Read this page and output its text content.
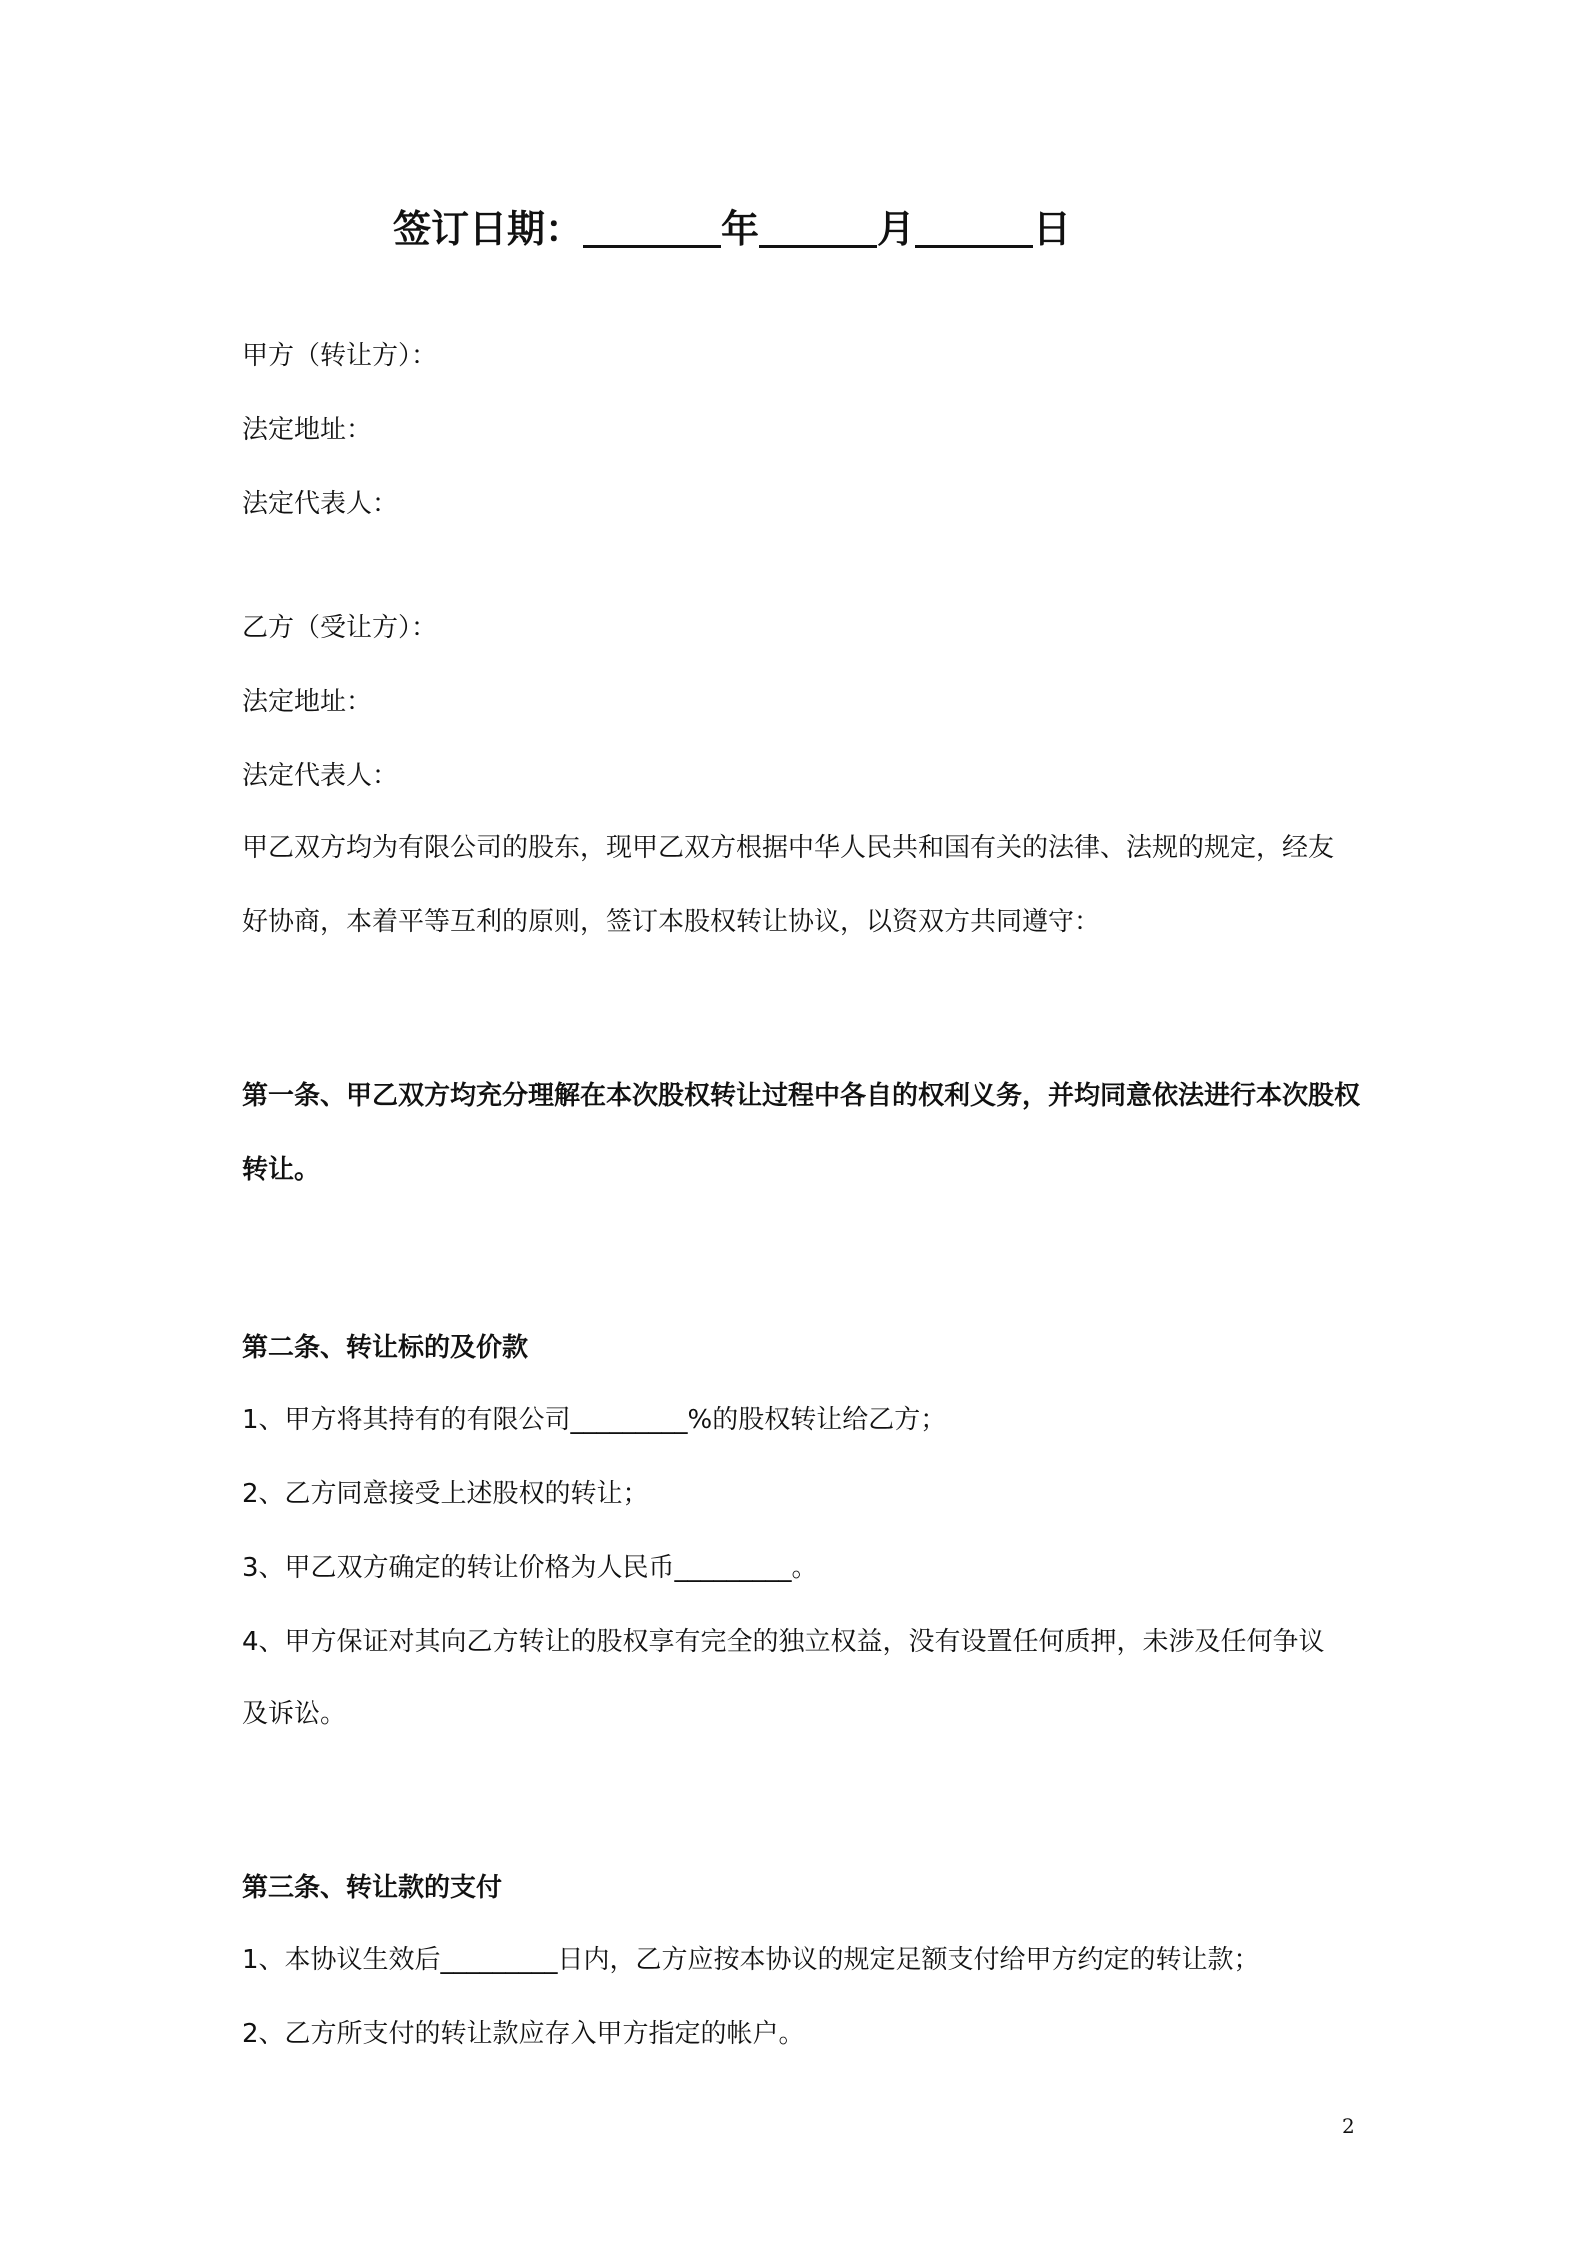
签订日期：	年	月	日
甲方（转让方）：
法定地址：
法定代表人：
乙方（受让方）：
法定地址：
法定代表人：
甲乙双方均为有限公司的股东，现甲乙双方根据中华人民共和国有关的法律、法规的规定，经友
好协商，本着平等互利的原则，签订本股权转让协议，以资双方共同遵守：
第一条、甲乙双方均充分理解在本次股权转让过程中各自的权利义务，并均同意依法进行本次股权
转让。
第二条、转让标的及价款
1、甲方将其持有的有限公司_________%的股权转让给乙方；
2、乙方同意接受上述股权的转让；
3、甲乙双方确定的转让价格为人民币_________。
4、甲方保证对其向乙方转让的股权享有完全的独立权益，没有设置任何质押，未涉及任何争议
及诉讼。
第三条、转让款的支付
1、本协议生效后_________日内，乙方应按本协议的规定足额支付给甲方约定的转让款；
2、乙方所支付的转让款应存入甲方指定的帐户。
2
